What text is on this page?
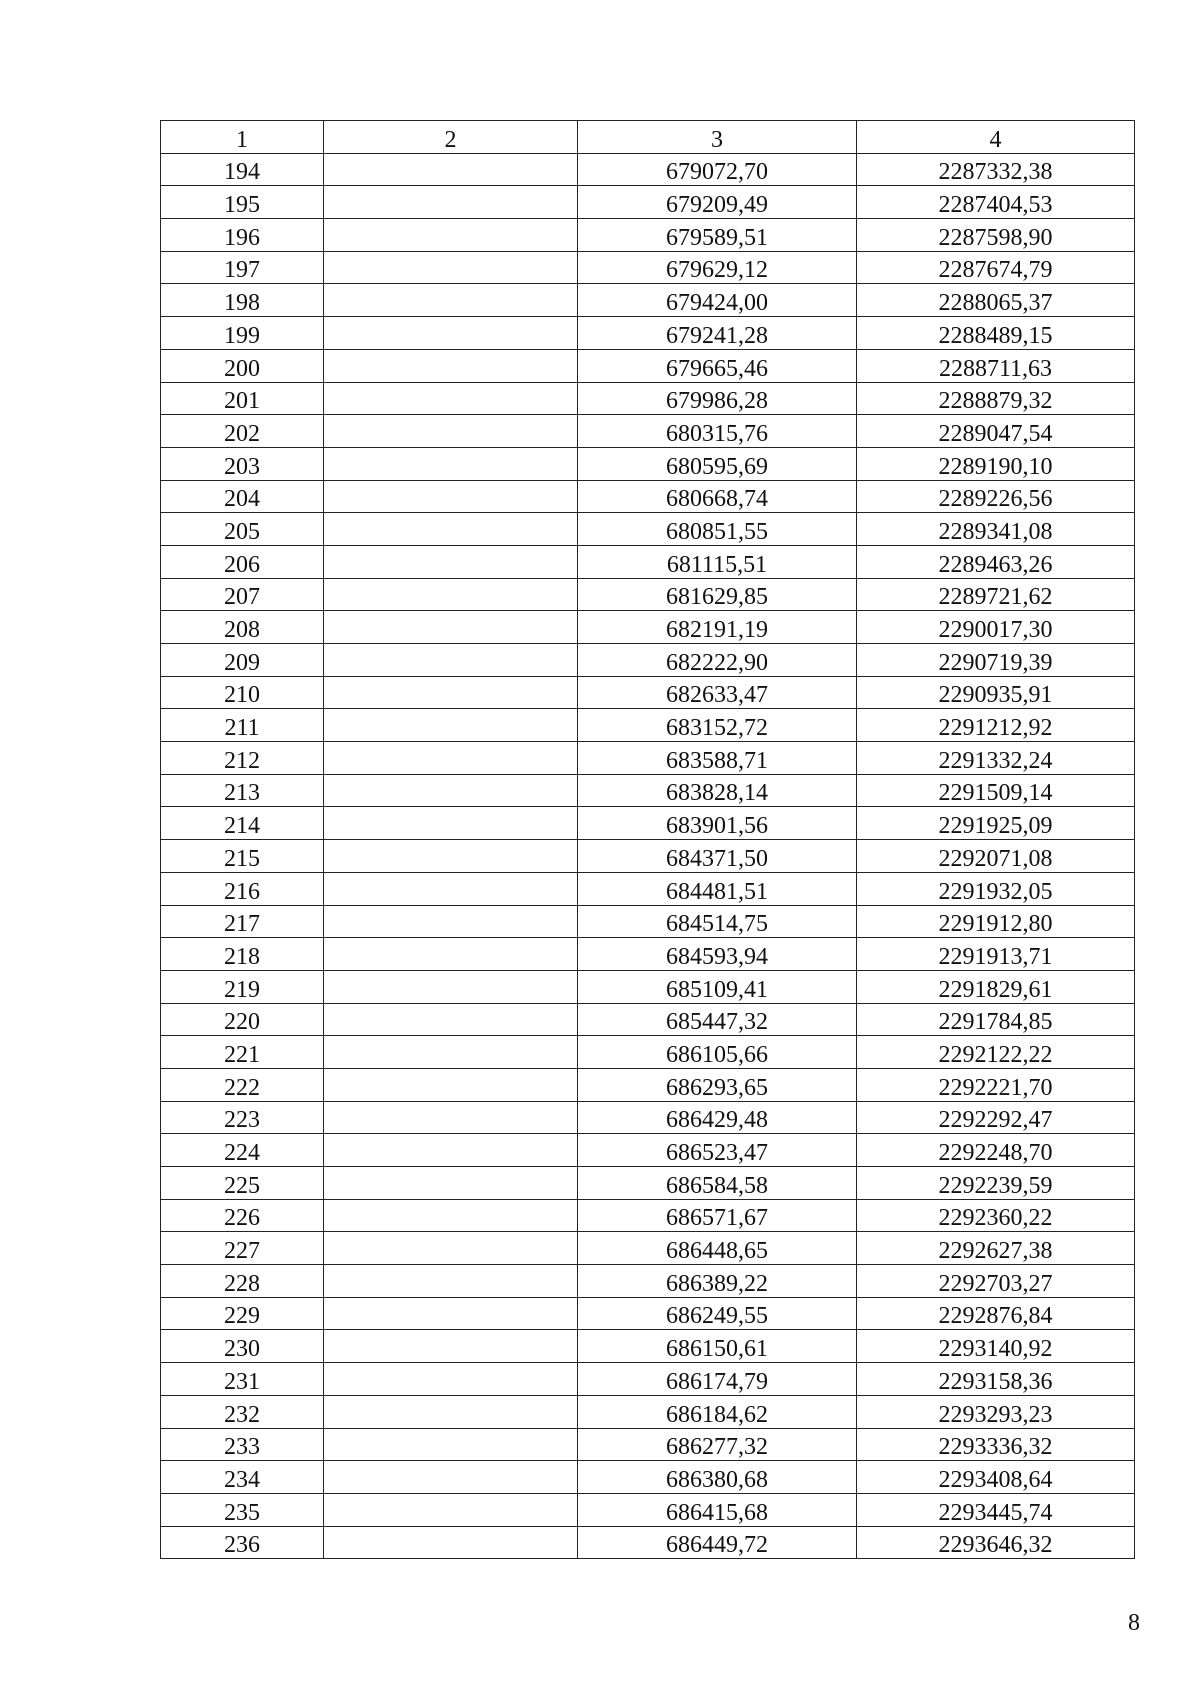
1	2	3	4
194		679072,70	2287332,38
195		679209,49	2287404,53
196		679589,51	2287598,90
197		679629,12	2287674,79
198		679424,00	2288065,37
199		679241,28	2288489,15
200		679665,46	2288711,63
201		679986,28	2288879,32
202		680315,76	2289047,54
203		680595,69	2289190,10
204		680668,74	2289226,56
205		680851,55	2289341,08
206		681115,51	2289463,26
207		681629,85	2289721,62
208		682191,19	2290017,30
209		682222,90	2290719,39
210		682633,47	2290935,91
211		683152,72	2291212,92
212		683588,71	2291332,24
213		683828,14	2291509,14
214		683901,56	2291925,09
215		684371,50	2292071,08
216		684481,51	2291932,05
217		684514,75	2291912,80
218		684593,94	2291913,71
219		685109,41	2291829,61
220		685447,32	2291784,85
221		686105,66	2292122,22
222		686293,65	2292221,70
223		686429,48	2292292,47
224		686523,47	2292248,70
225		686584,58	2292239,59
226		686571,67	2292360,22
227		686448,65	2292627,38
228		686389,22	2292703,27
229		686249,55	2292876,84
230		686150,61	2293140,92
231		686174,79	2293158,36
232		686184,62	2293293,23
233		686277,32	2293336,32
234		686380,68	2293408,64
235		686415,68	2293445,74
236		686449,72	2293646,32
8
